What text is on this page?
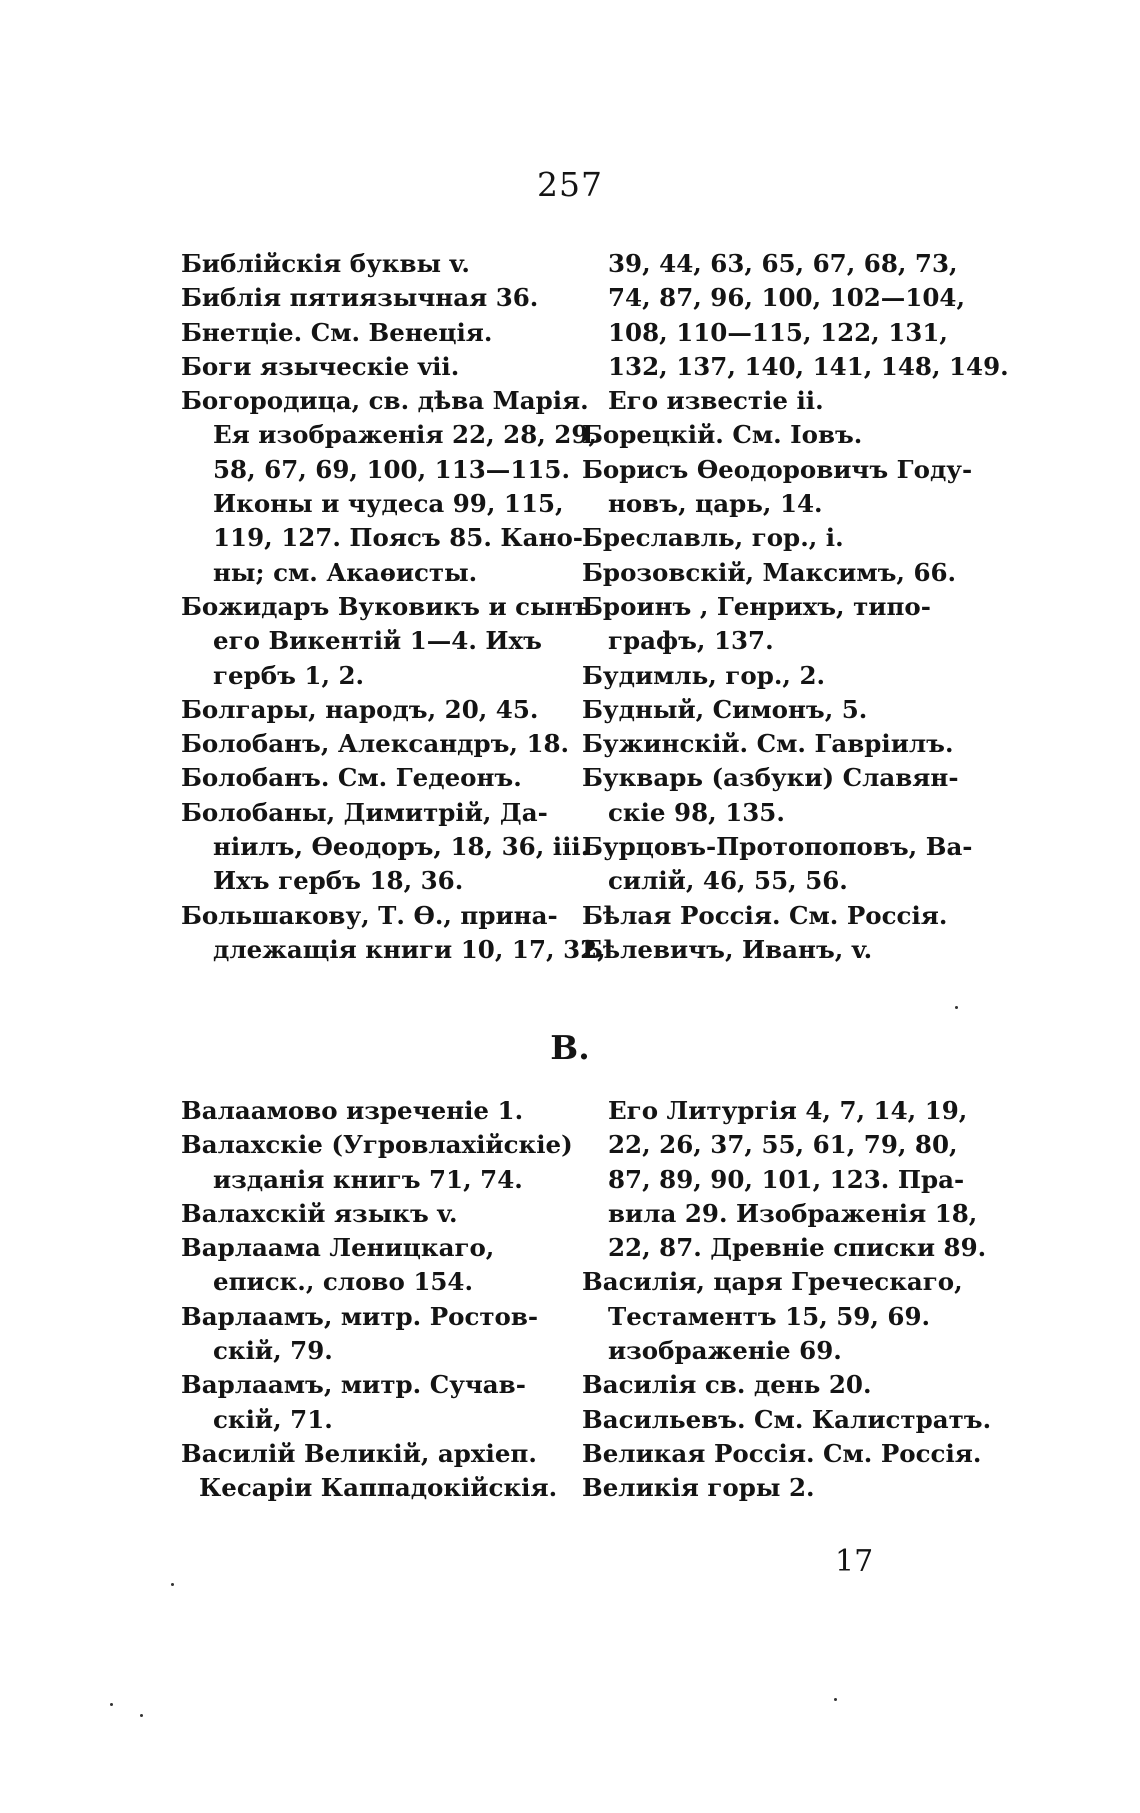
257
Библійскія буквы v.
Библія пятиязычная 36.
Бнетціе. См. Венеція.
Боги языческіе vii.
Богородица, св. дѣва Марія.
Ея изображенія 22, 28, 29,
58, 67, 69, 100, 113—115.
Иконы и чудеса 99, 115,
119, 127. Поясъ 85. Кано-
ны; см. Акаѳисты.
Божидаръ Вуковикъ и сынъ
его Викентій 1—4. Ихъ
гербъ 1, 2.
Болгары, народъ, 20, 45.
Болобанъ, Александръ, 18.
Болобанъ. См. Гедеонъ.
Болобаны, Димитрій, Да-
ніилъ, Ѳеодоръ, 18, 36, iii.
Ихъ гербъ 18, 36.
Большакову, Т. Ѳ., прина-
длежащія книги 10, 17, 32,
39, 44, 63, 65, 67, 68, 73,
74, 87, 96, 100, 102—104,
108, 110—115, 122, 131,
132, 137, 140, 141, 148, 149.
Его известіе ii.
Борецкій. См. Іовъ.
Борисъ Ѳеодоровичъ Году-
новъ, царь, 14.
Бреславль, гор., i.
Брозовскій, Максимъ, 66.
Броинъ , Генрихъ, типо-
графъ, 137.
Будимль, гор., 2.
Будный, Симонъ, 5.
Бужинскій. См. Гавріилъ.
Букварь (азбуки) Славян-
скіе 98, 135.
Бурцовъ-Протопоповъ, Ва-
силій, 46, 55, 56.
Бѣлая Россія. См. Россія.
Бѣлевичъ, Иванъ, v.
В.
Валаамово изреченіе 1.
Валахскіе (Угровлахійскіе)
изданія книгъ 71, 74.
Валахскій языкъ v.
Варлаама Леницкаго,
епиcк., слово 154.
Варлаамъ, митр. Ростов-
скій, 79.
Варлаамъ, митр. Сучав-
скій, 71.
Василій Великій, архіеп.
Кесаріи Каппадокійскія.
Его Литургія 4, 7, 14, 19,
22, 26, 37, 55, 61, 79, 80,
87, 89, 90, 101, 123. Пра-
вила 29. Изображенія 18,
22, 87. Древніе списки 89.
Василія, царя Греческаго,
Тестаментъ 15, 59, 69.
изображеніе 69.
Василія св. день 20.
Васильевъ. См. Калистратъ.
Великая Россія. См. Россія.
Великія горы 2.
17
